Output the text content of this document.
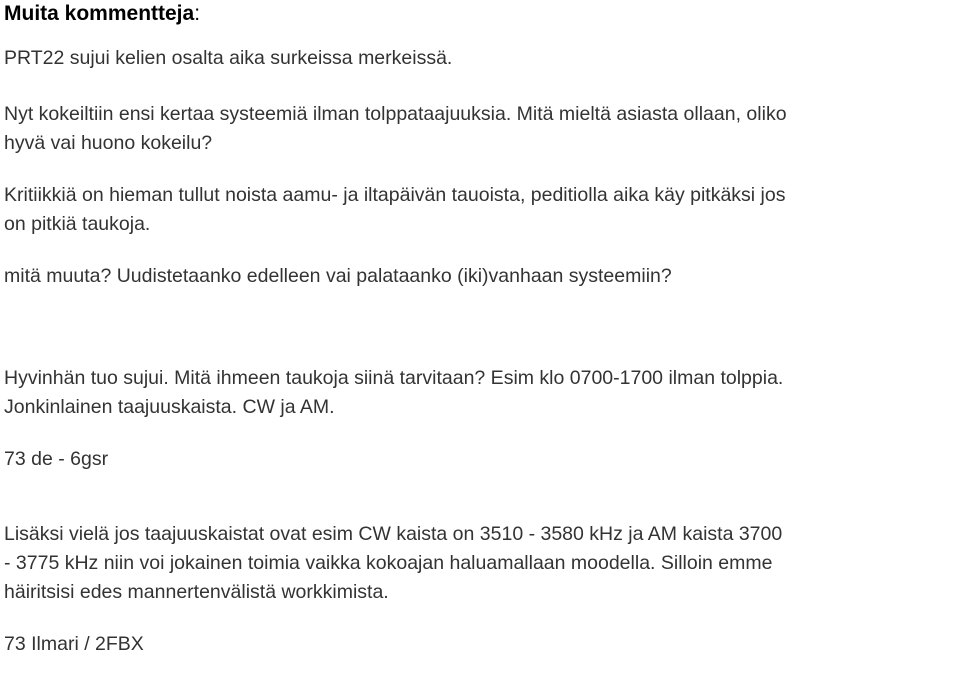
Muita kommentteja:
PRT22 sujui kelien osalta aika surkeissa merkeissä.
Nyt kokeiltiin ensi kertaa systeemiä ilman tolppataajuuksia. Mitä mieltä asiasta ollaan, oliko
hyvä vai huono kokeilu?
Kritiikkiä on hieman tullut noista aamu- ja iltapäivän tauoista, peditiolla aika käy pitkäksi jos
on pitkiä taukoja.
mitä muuta? Uudistetaanko edelleen vai palataanko (iki)vanhaan systeemiin?
Hyvinhän tuo sujui. Mitä ihmeen taukoja siinä tarvitaan? Esim klo 0700-1700 ilman tolppia.
Jonkinlainen taajuuskaista. CW ja AM.
73 de - 6gsr
Lisäksi vielä jos taajuuskaistat ovat esim CW kaista on 3510 - 3580 kHz ja AM kaista 3700
- 3775 kHz niin voi jokainen toimia vaikka kokoajan haluamallaan moodella. Silloin emme
häiritsisi edes mannertenvälistä workkimista.
73 Ilmari / 2FBX
